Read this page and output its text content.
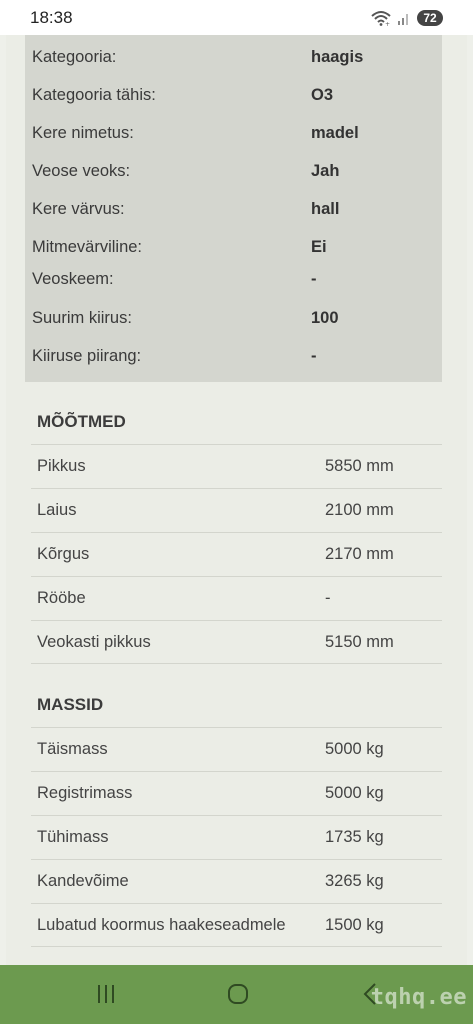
18:38	+	72
Kategooria:	haagis
Kategooria tähis:	O3
Kere nimetus:	madel
Veose veoks:	Jah
Kere värvus:	hall
Mitmevärviline:	Ei
Veoskeem:	-
Suurim kiirus:	100
Kiiruse piirang:	-
MÕÕTMED
Pikkus	5850 mm
Laius	2100 mm
Kõrgus	2170 mm
Rööbe	-
Veokasti pikkus	5150 mm
MASSID
Täismass	5000 kg
Registrimass	5000 kg
Tühimass	1735 kg
Kandevõime	3265 kg
Lubatud koormus haakeseadmele 1500 kg
tqhq.ee
